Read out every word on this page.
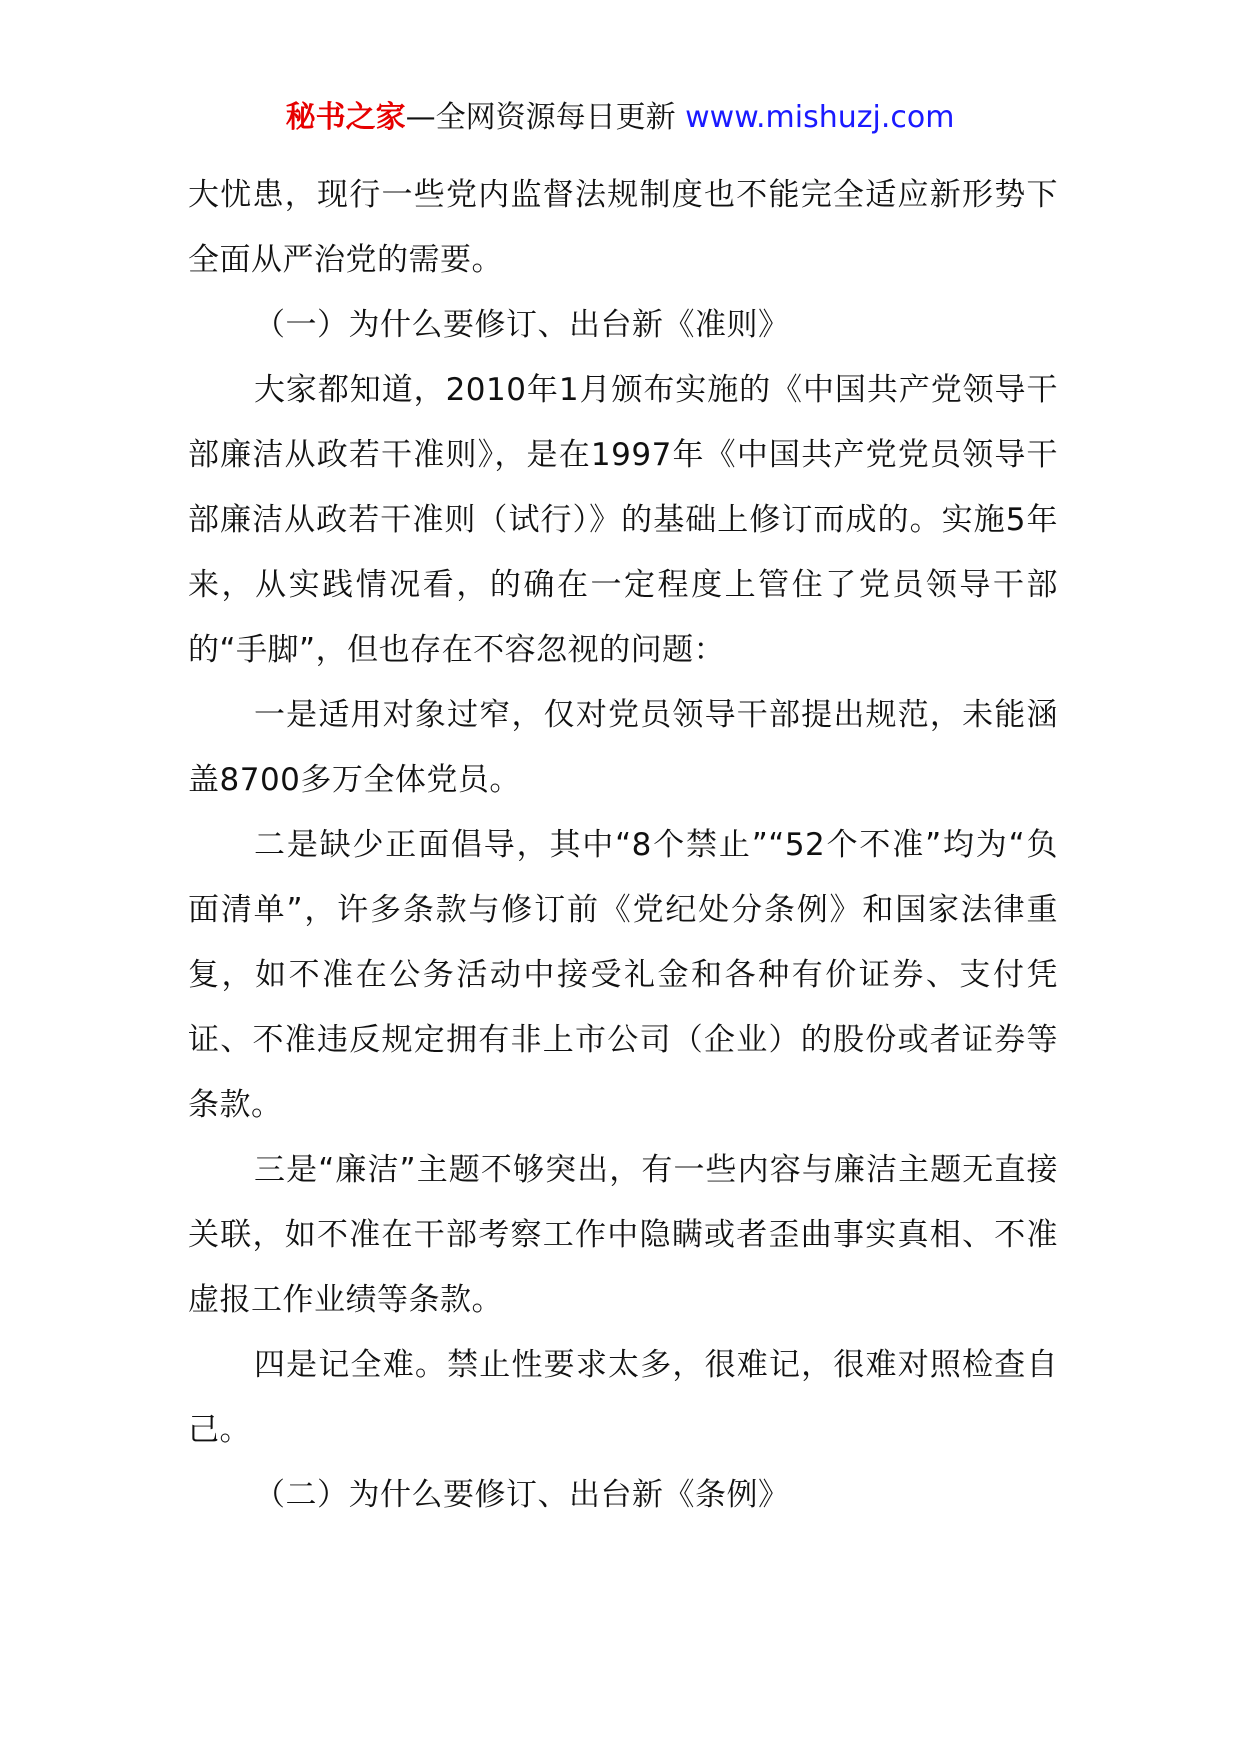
秘书之家—全网资源每日更新 www.mishuzj.com

大忧患，现行一些党内监督法规制度也不能完全适应新形势下全面从严治党的需要。

（一）为什么要修订、出台新《准则》

大家都知道，2010年1月颁布实施的《中国共产党领导干部廉洁从政若干准则》，是在1997年《中国共产党党员领导干部廉洁从政若干准则（试行）》的基础上修订而成的。实施5年来，从实践情况看，的确在一定程度上管住了党员领导干部的“手脚”，但也存在不容忽视的问题：

一是适用对象过窄，仅对党员领导干部提出规范，未能涵盖8700多万全体党员。

二是缺少正面倡导，其中“8个禁止”“52个不准”均为“负面清单”，许多条款与修订前《党纪处分条例》和国家法律重复，如不准在公务活动中接受礼金和各种有价证券、支付凭证、不准违反规定拥有非上市公司（企业）的股份或者证券等条款。

三是“廉洁”主题不够突出，有一些内容与廉洁主题无直接关联，如不准在干部考察工作中隐瞒或者歪曲事实真相、不准虚报工作业绩等条款。

四是记全难。禁止性要求太多，很难记，很难对照检查自己。

（二）为什么要修订、出台新《条例》
